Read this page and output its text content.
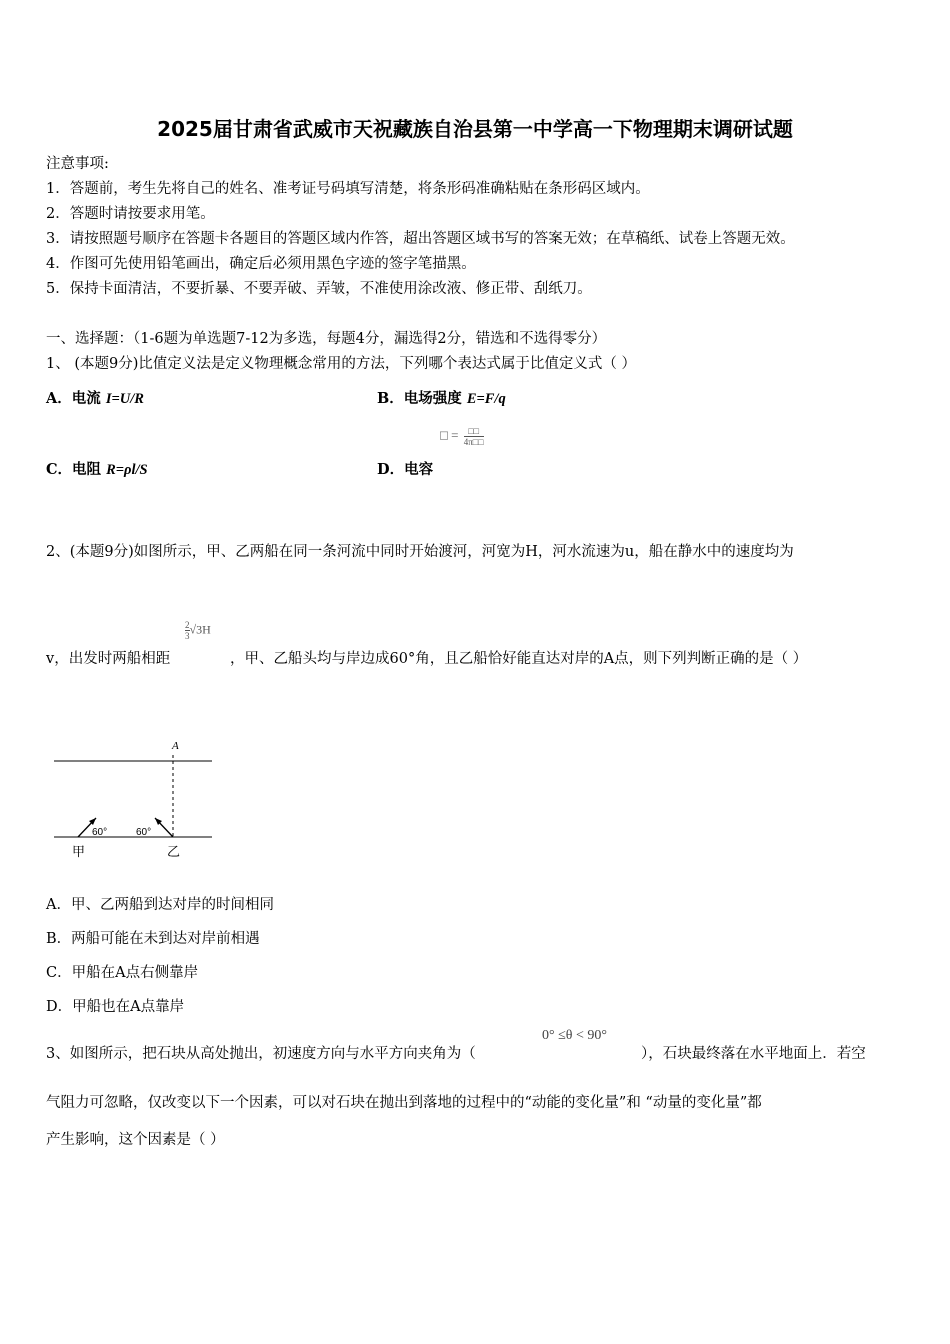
2025届甘肃省武威市天祝藏族自治县第一中学高一下物理期末调研试题
注意事项:
1．答题前，考生先将自己的姓名、准考证号码填写清楚，将条形码准确粘贴在条形码区域内。
2．答题时请按要求用笔。
3．请按照题号顺序在答题卡各题目的答题区域内作答，超出答题区域书写的答案无效；在草稿纸、试卷上答题无效。
4．作图可先使用铅笔画出，确定后必须用黑色字迹的签字笔描黑。
5．保持卡面清洁，不要折暴、不要弄破、弄皱，不准使用涂改液、修正带、刮纸刀。
一、选择题：（1-6题为单选题7-12为多选，每题4分，漏选得2分，错选和不选得零分）
1、 (本题9分)比值定义法是定义物理概念常用的方法，下列哪个表达式属于比值定义式（ ）
A．电流 I=U/R	B．电场强度 E=F/q
□ =	□□
4π□□
C．电阻 R=ρl/S	D．电容
2、(本题9分)如图所示，甲、乙两船在同一条河流中同时开始渡河，河宽为H，河水流速为u，船在静水中的速度均为
v，出发时两船相距
$\frac{2}{3} √3H$
，甲、乙船头均与岸边成60°角，且乙船恰好能直达对岸的A点，则下列判断正确的是（ ）
A
60°	60°
甲	乙
A．甲、乙两船到达对岸的时间相同
B．两船可能在未到达对岸前相遇
C．甲船在A点右侧靠岸
D．甲船也在A点靠岸
3、如图所示，把石块从高处抛出，初速度方向与水平方向夹角为（
0° ≤θ < 90°
），石块最终落在水平地面上．若空
气阻力可忽略，仅改变以下一个因素，可以对石块在抛出到落地的过程中的“动能的变化量”和 “动量的变化量”都
产生影响，这个因素是（ ）
